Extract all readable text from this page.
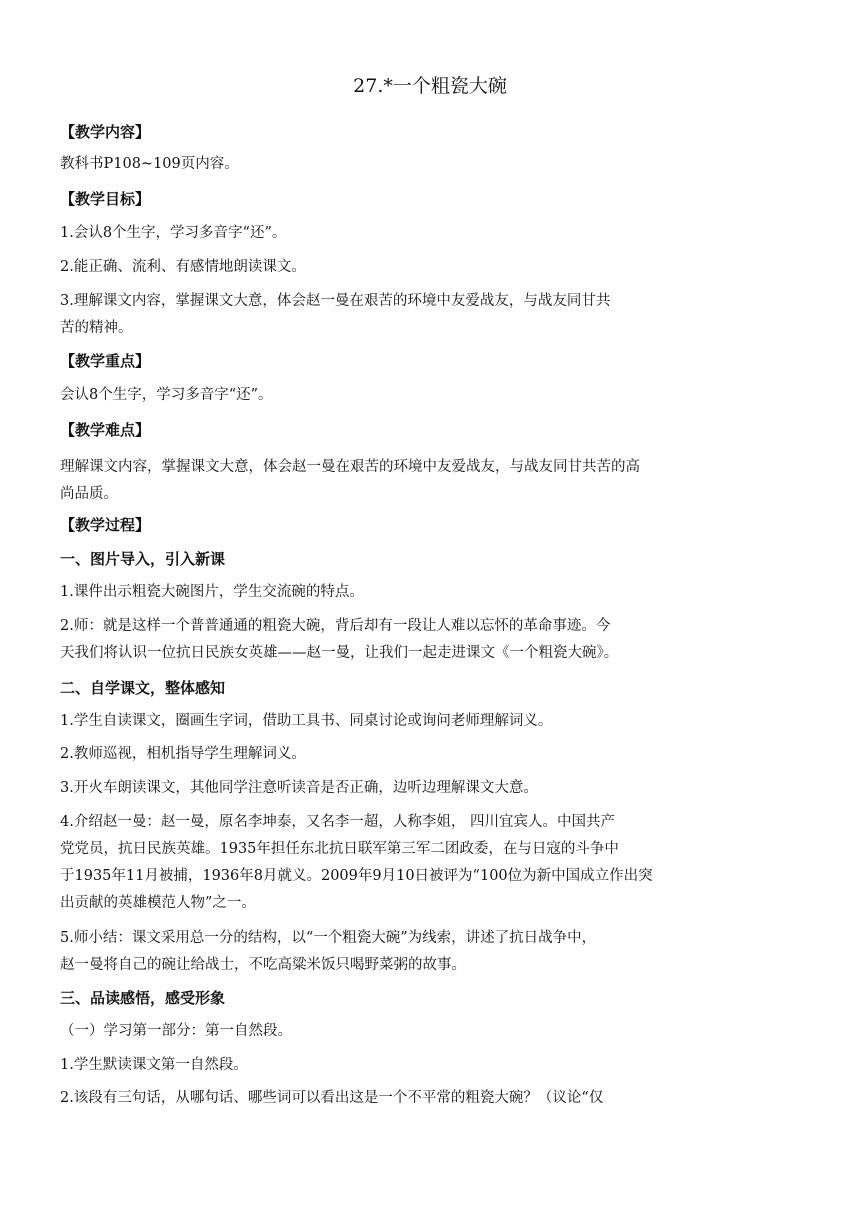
27.*一个粗瓷大碗
【教学内容】
教科书P108~109页内容。
【教学目标】
1.会认8个生字，学习多音字“还”。
2.能正确、流利、有感情地朗读课文。
3.理解课文内容，掌握课文大意，体会赵一曼在艰苦的环境中友爱战友，与战友同甘共
苦的精神。
【教学重点】
会认8个生字，学习多音字“还”。
【教学难点】
理解课文内容，掌握课文大意，体会赵一曼在艰苦的环境中友爱战友，与战友同甘共苦的高
尚品质。
【教学过程】
一、图片导入，引入新课
1.课件出示粗瓷大碗图片，学生交流碗的特点。
2.师：就是这样一个普普通通的粗瓷大碗，背后却有一段让人难以忘怀的革命事迹。今
天我们将认识一位抗日民族女英雄——赵一曼，让我们一起走进课文《一个粗瓷大碗》。
二、自学课文，整体感知
1.学生自读课文，圈画生字词，借助工具书、同桌讨论或询问老师理解词义。
2.教师巡视，相机指导学生理解词义。
3.开火车朗读课文，其他同学注意听读音是否正确，边听边理解课文大意。
4.介绍赵一曼：赵一曼，原名李坤泰，又名李一超，人称李姐， 四川宜宾人。中国共产
党党员，抗日民族英雄。1935年担任东北抗日联军第三军二团政委，在与日寇的斗争中
于1935年11月被捕，1936年8月就义。2009年9月10日被评为“100位为新中国成立作出突
出贡献的英雄模范人物”之一。
5.师小结：课文采用总一分的结构，以“一个粗瓷大碗”为线索，讲述了抗日战争中，
赵一曼将自己的碗让给战士，不吃高粱米饭只喝野菜粥的故事。
三、品读感悟，感受形象
（一）学习第一部分：第一自然段。
1.学生默读课文第一自然段。
2.该段有三句话，从哪句话、哪些词可以看出这是一个不平常的粗瓷大碗？（议论“仅
